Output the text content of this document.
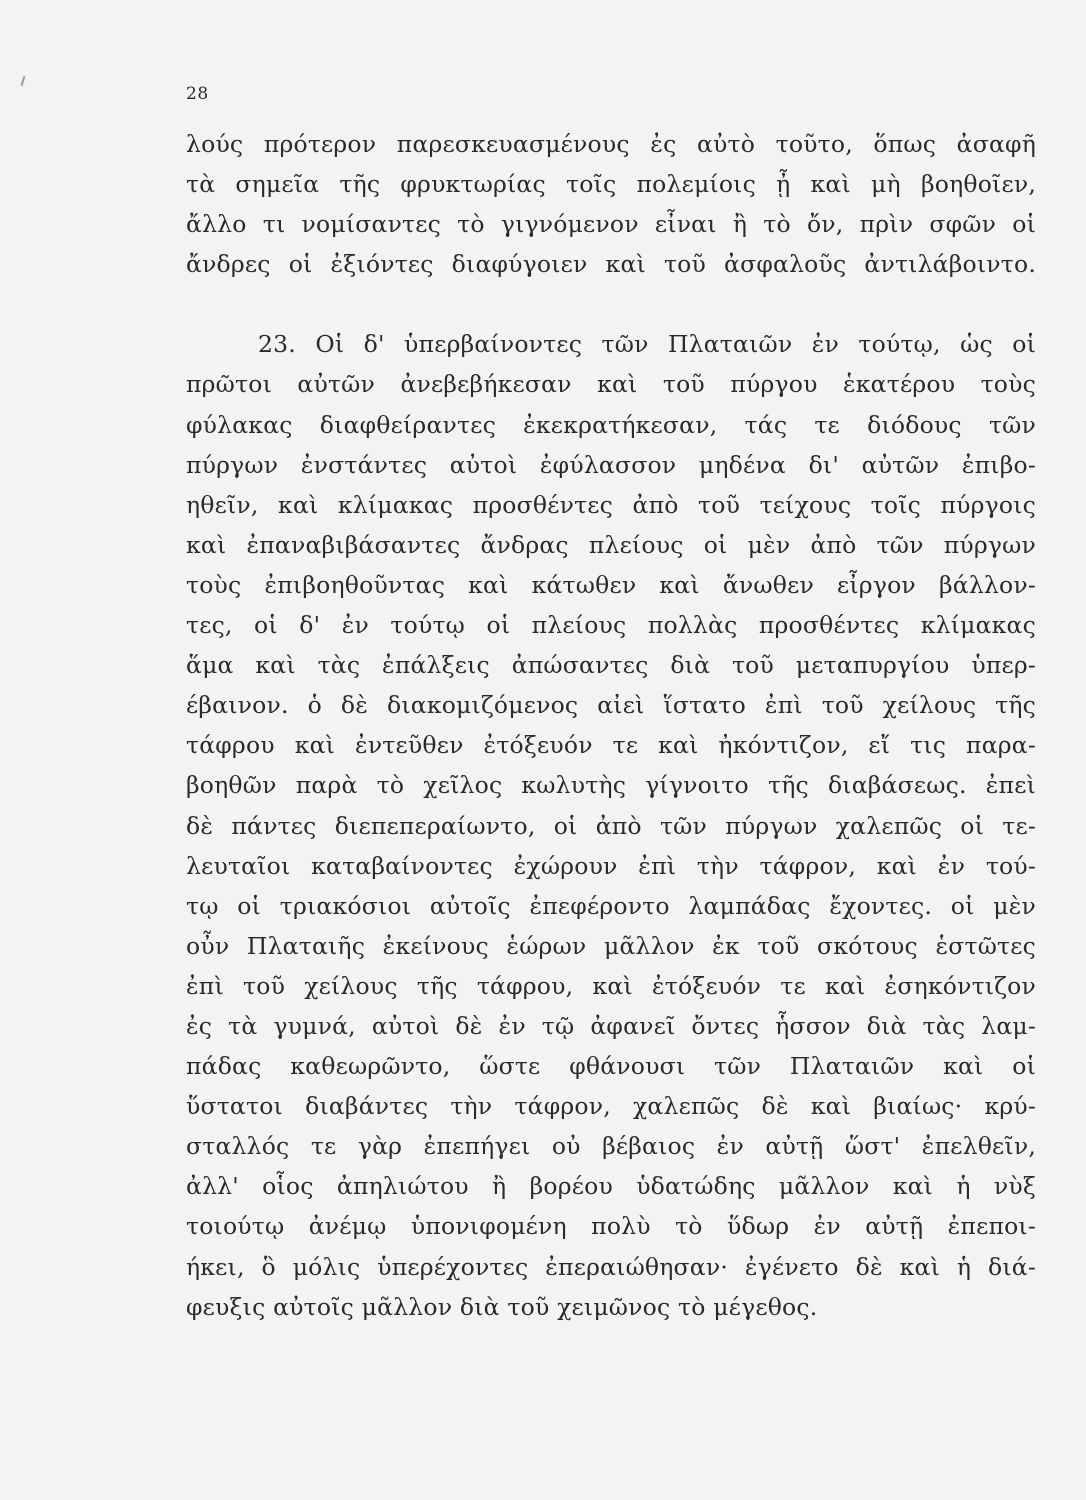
28
λούς πρότερον παρεσκευασμένους ἐς αὐτὸ τοῦτο, ὅπως ἀσαφῆ
τὰ σημεῖα τῆς φρυκτωρίας τοῖς πολεμίοις ᾖ καὶ μὴ βοηθοῖεν,
ἄλλο τι νομίσαντες τὸ γιγνόμενον εἶναι ἢ τὸ ὄν, πρὶν σφῶν οἱ
ἄνδρες οἱ ἐξιόντες διαφύγοιεν καὶ τοῦ ἀσφαλοῦς ἀντιλάβοιντο.
23. Οἱ δ' ὑπερβαίνοντες τῶν Πλαταιῶν ἐν τούτῳ, ὡς οἱ
πρῶτοι αὐτῶν ἀνεβεβήκεσαν καὶ τοῦ πύργου ἑκατέρου τοὺς
φύλακας διαφθείραντες ἐκεκρατήκεσαν, τάς τε διόδους τῶν
πύργων ἐνστάντες αὐτοὶ ἐφύλασσον μηδένα δι' αὐτῶν ἐπιβο-
ηθεῖν, καὶ κλίμακας προσθέντες ἀπὸ τοῦ τείχους τοῖς πύργοις
καὶ ἐπαναβιβάσαντες ἄνδρας πλείους οἱ μὲν ἀπὸ τῶν πύργων
τοὺς ἐπιβοηθοῦντας καὶ κάτωθεν καὶ ἄνωθεν εἶργον βάλλον-
τες, οἱ δ' ἐν τούτῳ οἱ πλείους πολλὰς προσθέντες κλίμακας
ἅμα καὶ τὰς ἐπάλξεις ἀπώσαντες διὰ τοῦ μεταπυργίου ὑπερ-
έβαινον. ὁ δὲ διακομιζόμενος αἰεὶ ἵστατο ἐπὶ τοῦ χείλους τῆς
τάφρου καὶ ἐντεῦθεν ἐτόξευόν τε καὶ ἠκόντιζον, εἴ τις παρα-
βοηθῶν παρὰ τὸ χεῖλος κωλυτὴς γίγνοιτο τῆς διαβάσεως. ἐπεὶ
δὲ πάντες διεπεπεραίωντο, οἱ ἀπὸ τῶν πύργων χαλεπῶς οἱ τε-
λευταῖοι καταβαίνοντες ἐχώρουν ἐπὶ τὴν τάφρον, καὶ ἐν τού-
τῳ οἱ τριακόσιοι αὐτοῖς ἐπεφέροντο λαμπάδας ἔχοντες. οἱ μὲν
οὖν Πλαταιῆς ἐκείνους ἑώρων μᾶλλον ἐκ τοῦ σκότους ἑστῶτες
ἐπὶ τοῦ χείλους τῆς τάφρου, καὶ ἐτόξευόν τε καὶ ἐσηκόντιζον
ἐς τὰ γυμνά, αὐτοὶ δὲ ἐν τῷ ἀφανεῖ ὄντες ἧσσον διὰ τὰς λαμ-
πάδας καθεωρῶντο, ὥστε φθάνουσι τῶν Πλαταιῶν καὶ οἱ
ὕστατοι διαβάντες τὴν τάφρον, χαλεπῶς δὲ καὶ βιαίως· κρύ-
σταλλός τε γὰρ ἐπεπήγει οὐ βέβαιος ἐν αὐτῇ ὥστ' ἐπελθεῖν,
ἀλλ' οἷος ἀπηλιώτου ἢ βορέου ὑδατώδης μᾶλλον καὶ ἡ νὺξ
τοιούτῳ ἀνέμῳ ὑπονιφομένη πολὺ τὸ ὕδωρ ἐν αὐτῇ ἐπεποι-
ήκει, ὃ μόλις ὑπερέχοντες ἐπεραιώθησαν· ἐγένετο δὲ καὶ ἡ διά-
φευξις αὐτοῖς μᾶλλον διὰ τοῦ χειμῶνος τὸ μέγεθος.
